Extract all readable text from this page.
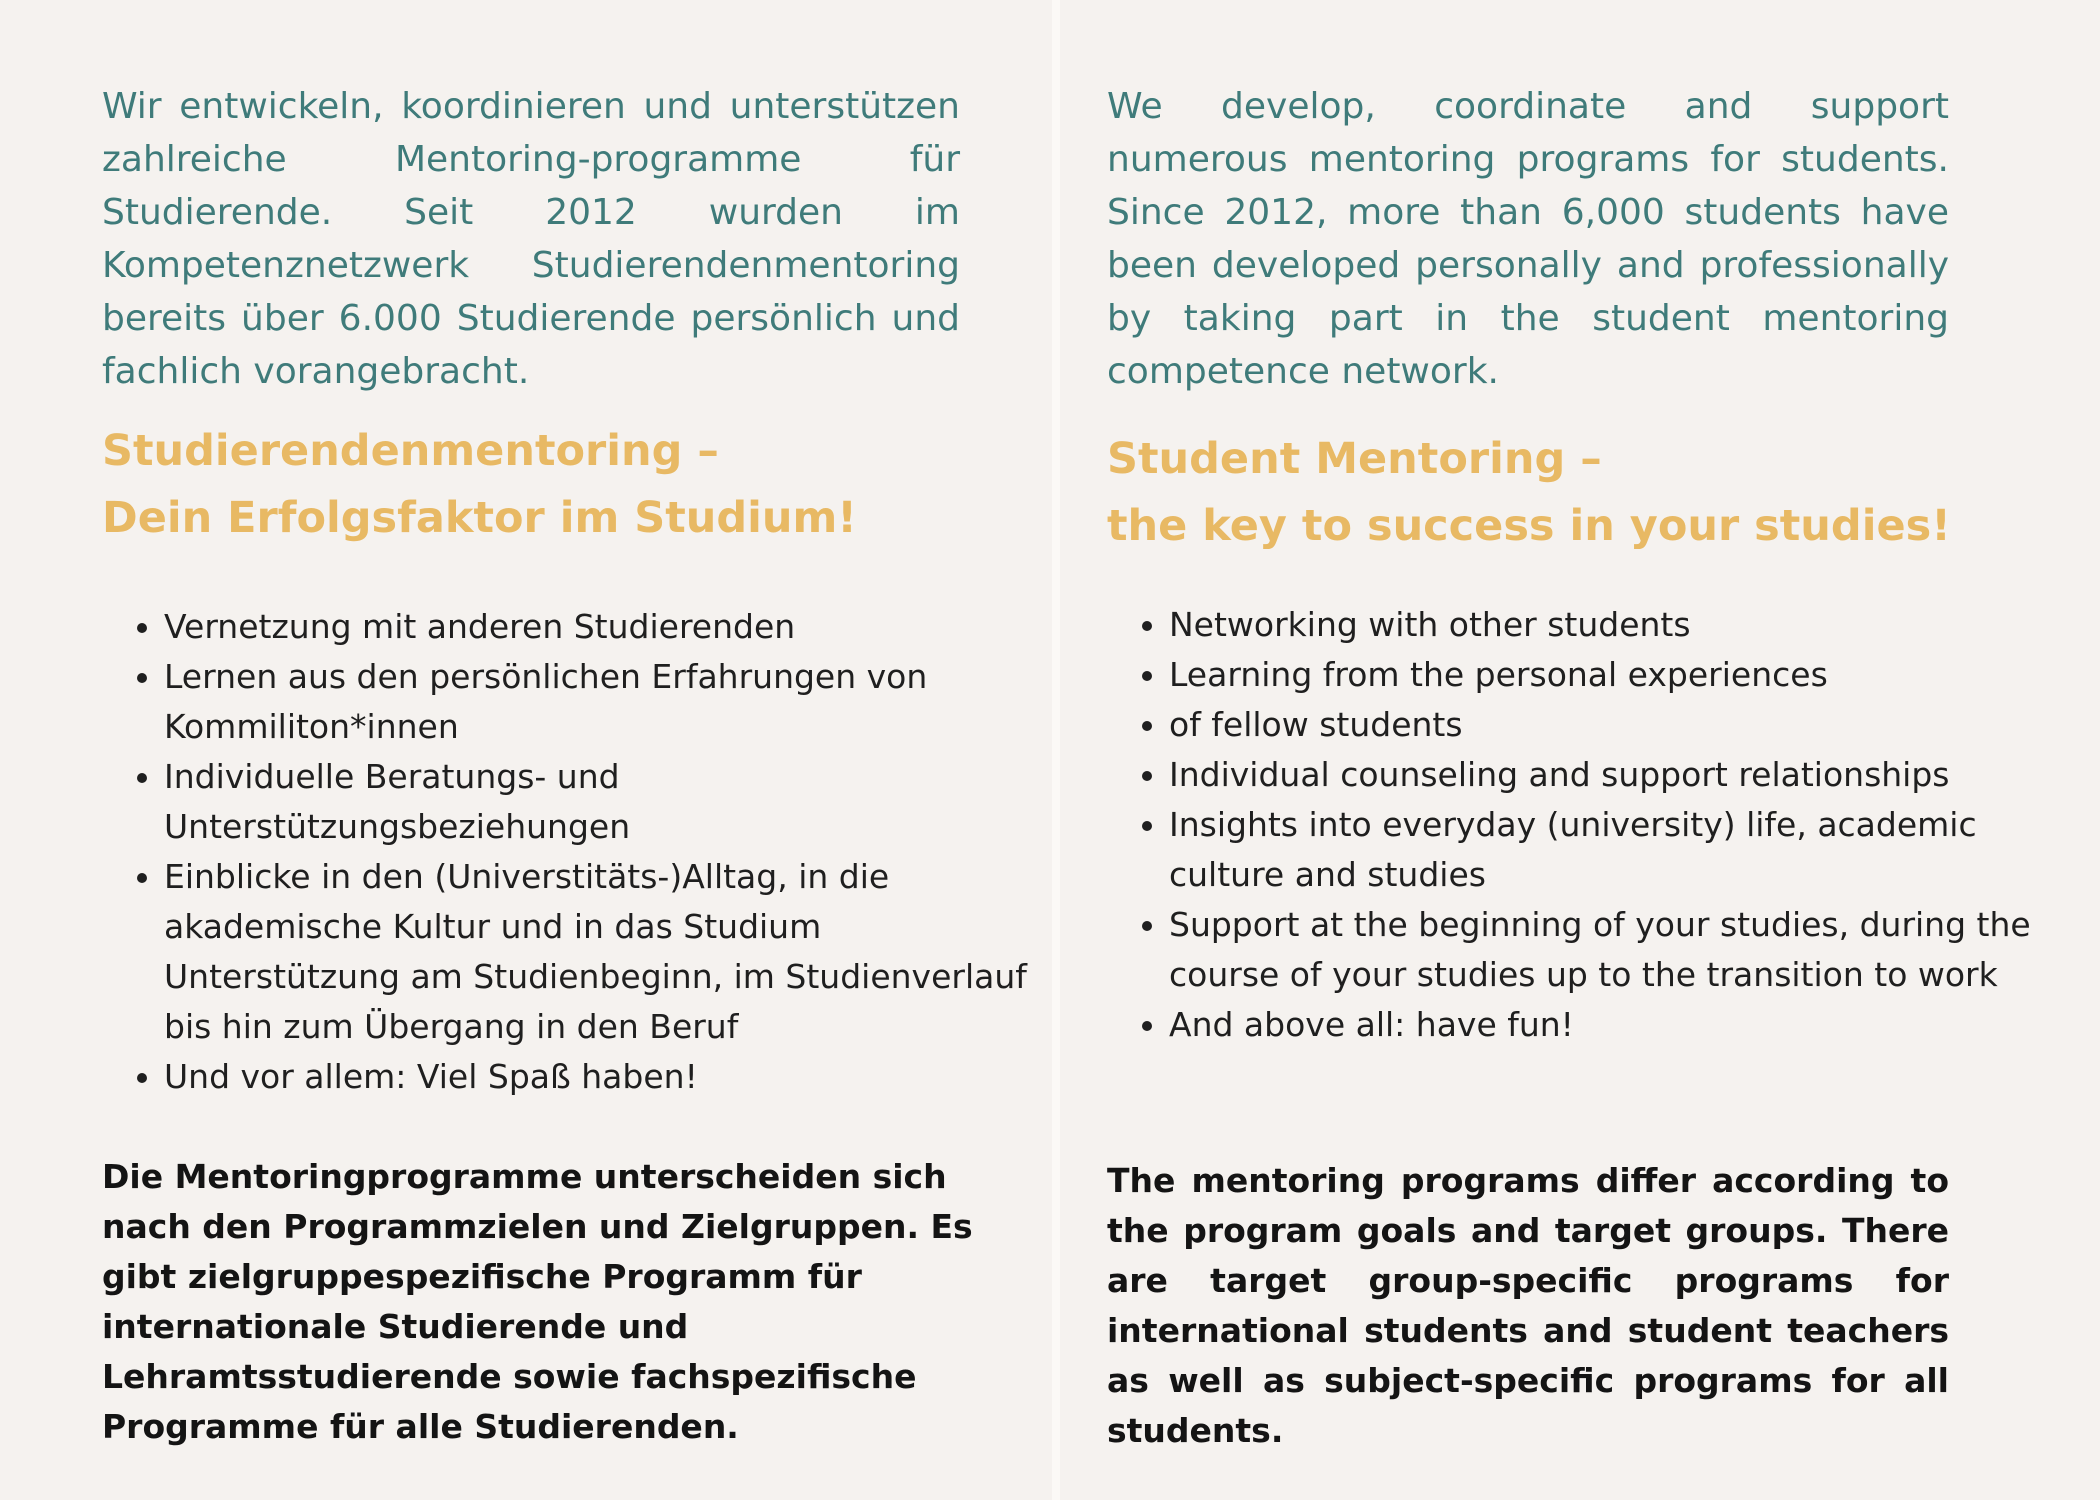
Wir entwickeln, koordinieren und unterstützen zahlreiche Mentoring-programme für Studierende. Seit 2012 wurden im Kompetenznetzwerk Studierendenmentoring bereits über 6.000 Studierende persönlich und fachlich vorangebracht.

Studierendenmentoring –
Dein Erfolgsfaktor im Studium!
• Vernetzung mit anderen Studierenden
• Lernen aus den persönlichen Erfahrungen von Kommiliton*innen
• Individuelle Beratungs- und Unterstützungsbeziehungen
• Einblicke in den (Universtitäts-)Alltag, in die akademische Kultur und in das Studium
Unterstützung am Studienbeginn, im Studienverlauf bis hin zum Übergang in den Beruf
• Und vor allem: Viel Spaß haben!

Die Mentoringprogramme unterscheiden sich nach den Programmzielen und Zielgruppen. Es gibt zielgruppespezifische Programm für internationale Studierende und Lehramtsstudierende sowie fachspezifische Programme für alle Studierenden.

We develop, coordinate and support numerous mentoring programs for students. Since 2012, more than 6,000 students have been developed personally and professionally by taking part in the student mentoring competence network.

Student Mentoring –
the key to success in your studies!
• Networking with other students
• Learning from the personal experiences
• of fellow students
• Individual counseling and support relationships
• Insights into everyday (university) life, academic culture and studies
• Support at the beginning of your studies, during the course of your studies up to the transition to work
• And above all: have fun!

The mentoring programs differ according to the program goals and target groups. There are target group-specific programs for international students and student teachers as well as subject-specific programs for all students.
